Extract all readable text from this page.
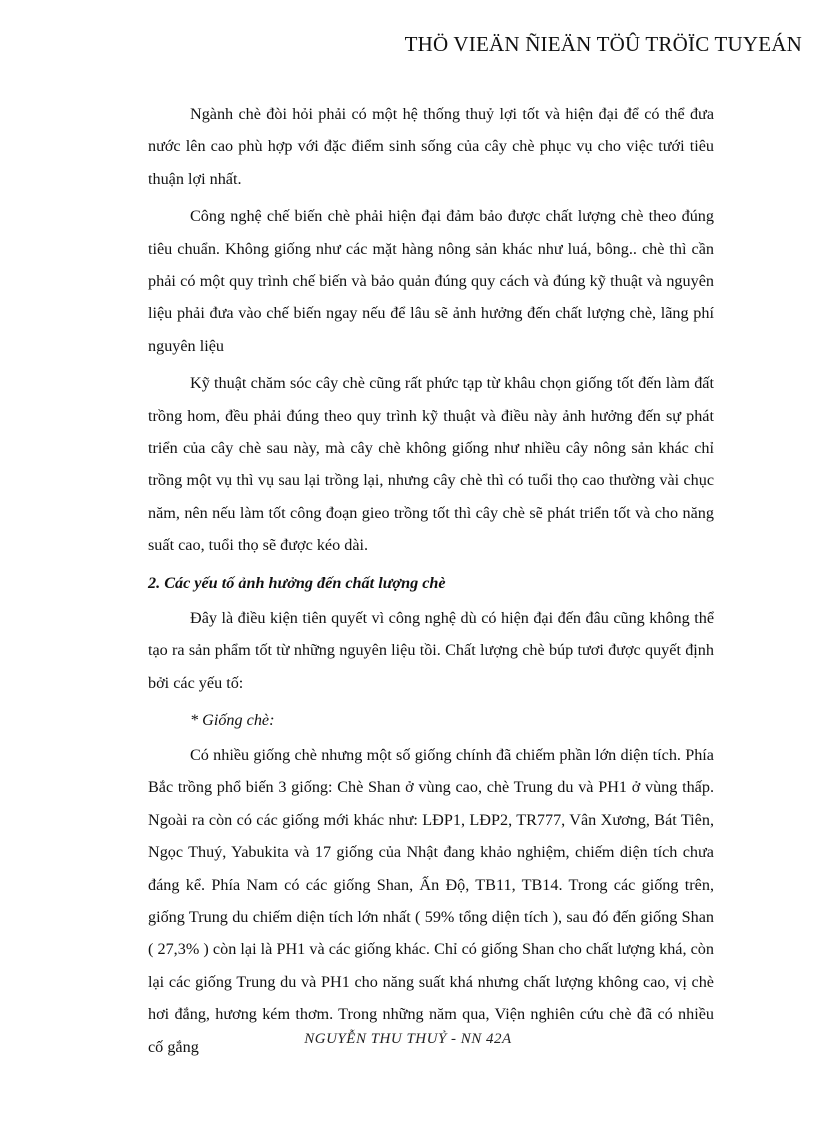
THÖ VIEÄN ÑIEÄN TÖÛ TRÖÏC TUYEÁN

Ngành chè đòi hỏi phải có một hệ thống thuỷ lợi tốt và hiện đại để có thể đưa nước lên cao phù hợp với đặc điểm sinh sống của cây chè phục vụ cho việc tưới tiêu thuận lợi nhất.

Công nghệ chế biến chè phải hiện đại đảm bảo được chất lượng chè theo đúng tiêu chuẩn. Không giống như các mặt hàng nông sản khác như luá, bông.. chè thì cần phải có một quy trình chế biến và bảo quản đúng quy cách và đúng kỹ thuật và nguyên liệu phải đưa vào chế biến ngay nếu để lâu sẽ ảnh hưởng đến chất lượng chè, lãng phí nguyên liệu

Kỹ thuật chăm sóc cây chè cũng rất phức tạp từ khâu chọn giống tốt đến làm đất trồng hom, đều phải đúng theo quy trình kỹ thuật và điều này ảnh hưởng đến sự phát triển của cây chè sau này, mà cây chè không giống như nhiều cây nông sản khác chỉ trồng một vụ thì vụ sau lại trồng lại, nhưng cây chè thì có tuổi thọ cao thường vài chục năm, nên nếu làm tốt công đoạn gieo trồng tốt thì cây chè sẽ phát triển tốt và cho năng suất cao, tuổi thọ sẽ được kéo dài.

2. Các yếu tố ảnh hưởng đến chất lượng chè

Đây là điều kiện tiên quyết vì công nghệ dù có hiện đại đến đâu cũng không thể tạo ra sản phẩm tốt từ những nguyên liệu tồi. Chất lượng chè búp tươi được quyết định bởi các yếu tố:

* Giống chè:

Có nhiều giống chè nhưng một số giống chính đã chiếm phần lớn diện tích. Phía Bắc trồng phổ biến 3 giống: Chè Shan ở vùng cao, chè Trung du và PH1 ở vùng thấp. Ngoài ra còn có các giống mới khác như: LĐP1, LĐP2, TR777, Vân Xương, Bát Tiên, Ngọc Thuý, Yabukita và 17 giống của Nhật đang khảo nghiệm, chiếm diện tích chưa đáng kể. Phía Nam có các giống Shan, Ấn Độ, TB11, TB14. Trong các giống trên, giống Trung du chiếm diện tích lớn nhất ( 59% tổng diện tích ), sau đó đến giống Shan ( 27,3% ) còn lại là PH1 và các giống khác. Chỉ có giống Shan cho chất lượng khá, còn lại các giống Trung du và PH1 cho năng suất khá nhưng chất lượng không cao, vị chè hơi đắng, hương kém thơm. Trong những năm qua, Viện nghiên cứu chè đã có nhiều cố gắng	NGUYỄN THU THUỶ - NN 42A
